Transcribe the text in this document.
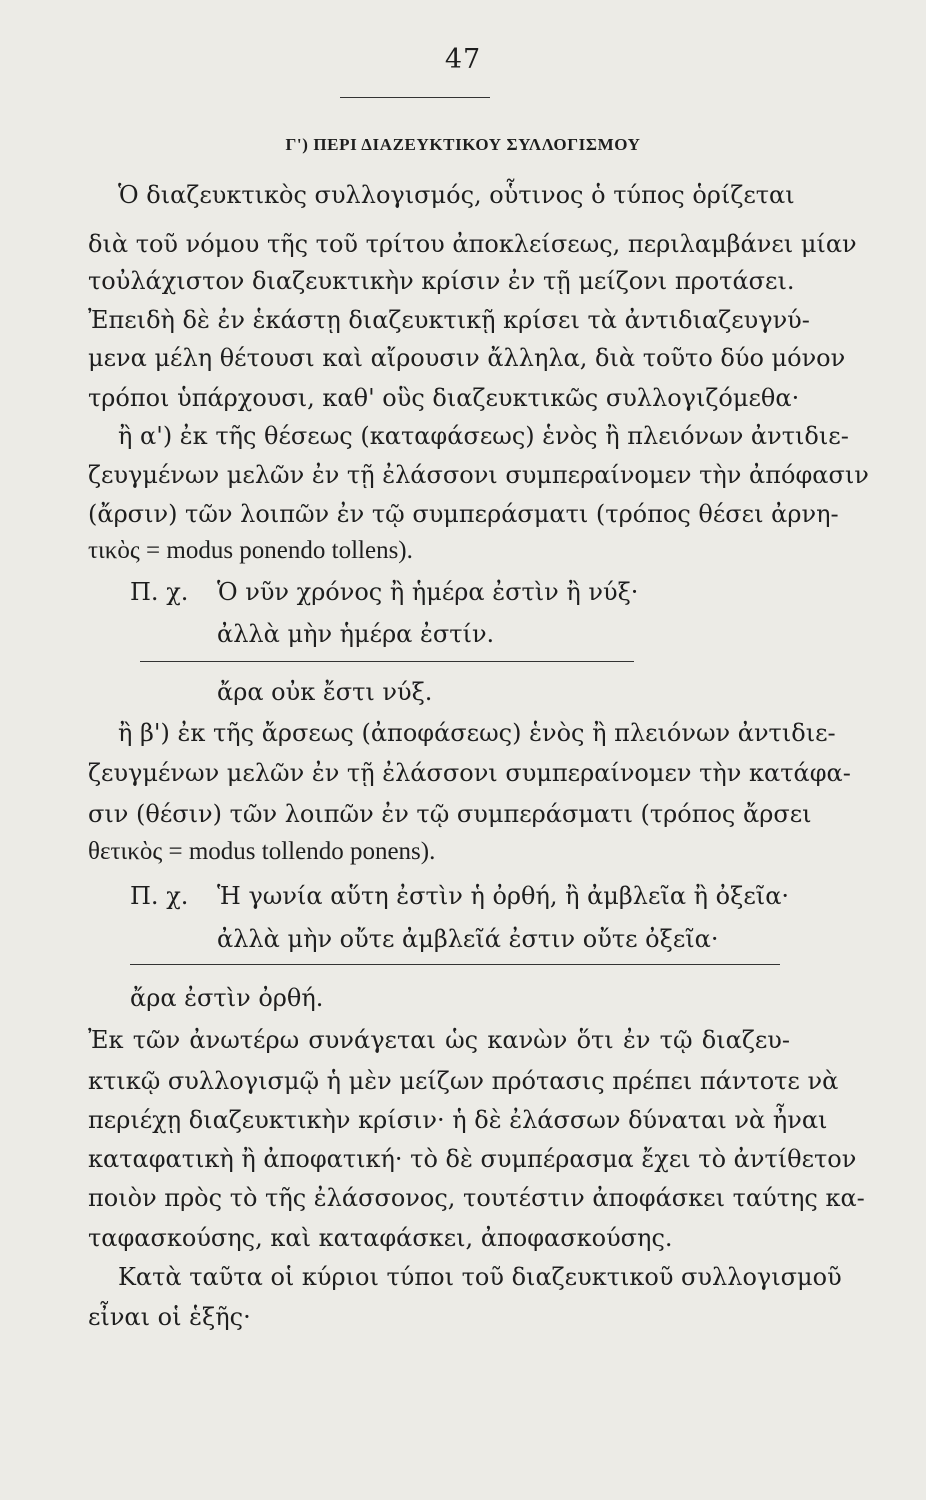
47
Γ') ΠΕΡΙ ΔΙΑΖΕΥΚΤΙΚΟΥ ΣΥΛΛΟΓΙΣΜΟΥ
Ὁ διαζευκτικὸς συλλογισμός, οὗτινος ὁ τύπος ὁρίζεται
διὰ τοῦ νόμου τῆς τοῦ τρίτου ἀποκλείσεως, περιλαμβάνει μίαν
τοὐλάχιστον διαζευκτικὴν κρίσιν ἐν τῇ μείζονι προτάσει.
Ἐπειδὴ δὲ ἐν ἑκάστῃ διαζευκτικῇ κρίσει τὰ ἀντιδιαζευγνύ-
μενα μέλη θέτουσι καὶ αἴρουσιν ἄλληλα, διὰ τοῦτο δύο μόνον
τρόποι ὑπάρχουσι, καθ' οὓς διαζευκτικῶς συλλογιζόμεθα·
ἢ α') ἐκ τῆς θέσεως (καταφάσεως) ἑνὸς ἢ πλειόνων ἀντιδιε-
ζευγμένων μελῶν ἐν τῇ ἐλάσσονι συμπεραίνομεν τὴν ἀπόφασιν
(ἄρσιν) τῶν λοιπῶν ἐν τῷ συμπεράσματι (τρόπος θέσει ἀρνη-
τικὸς = modus ponendo tollens).
Π. χ. Ὁ νῦν χρόνος ἢ ἡμέρα ἐστὶν ἢ νύξ·
ἀλλὰ μὴν ἡμέρα ἐστίν.
ἄρα οὐκ ἔστι νύξ.
ἢ β') ἐκ τῆς ἄρσεως (ἀποφάσεως) ἑνὸς ἢ πλειόνων ἀντιδιε-
ζευγμένων μελῶν ἐν τῇ ἐλάσσονι συμπεραίνομεν τὴν κατάφα-
σιν (θέσιν) τῶν λοιπῶν ἐν τῷ συμπεράσματι (τρόπος ἄρσει
θετικὸς = modus tollendo ponens).
Π. χ. Ἡ γωνία αὕτη ἐστὶν ἡ ὀρθή, ἢ ἀμβλεῖα ἢ ὀξεῖα·
ἀλλὰ μὴν οὔτε ἀμβλεῖά ἐστιν οὔτε ὀξεῖα·
ἄρα ἐστὶν ὀρθή.
Ἐκ τῶν ἀνωτέρω συνάγεται ὡς κανὼν ὅτι ἐν τῷ διαζευ-
κτικῷ συλλογισμῷ ἡ μὲν μείζων πρότασις πρέπει πάντοτε νὰ
περιέχῃ διαζευκτικὴν κρίσιν· ἡ δὲ ἐλάσσων δύναται νὰ ἦναι
καταφατικὴ ἢ ἀποφατική· τὸ δὲ συμπέρασμα ἔχει τὸ ἀντίθετον
ποιὸν πρὸς τὸ τῆς ἐλάσσονος, τουτέστιν ἀποφάσκει ταύτης κα-
ταφασκούσης, καὶ καταφάσκει, ἀποφασκούσης.
Κατὰ ταῦτα οἱ κύριοι τύποι τοῦ διαζευκτικοῦ συλλογισμοῦ
εἶναι οἱ ἑξῆς·
